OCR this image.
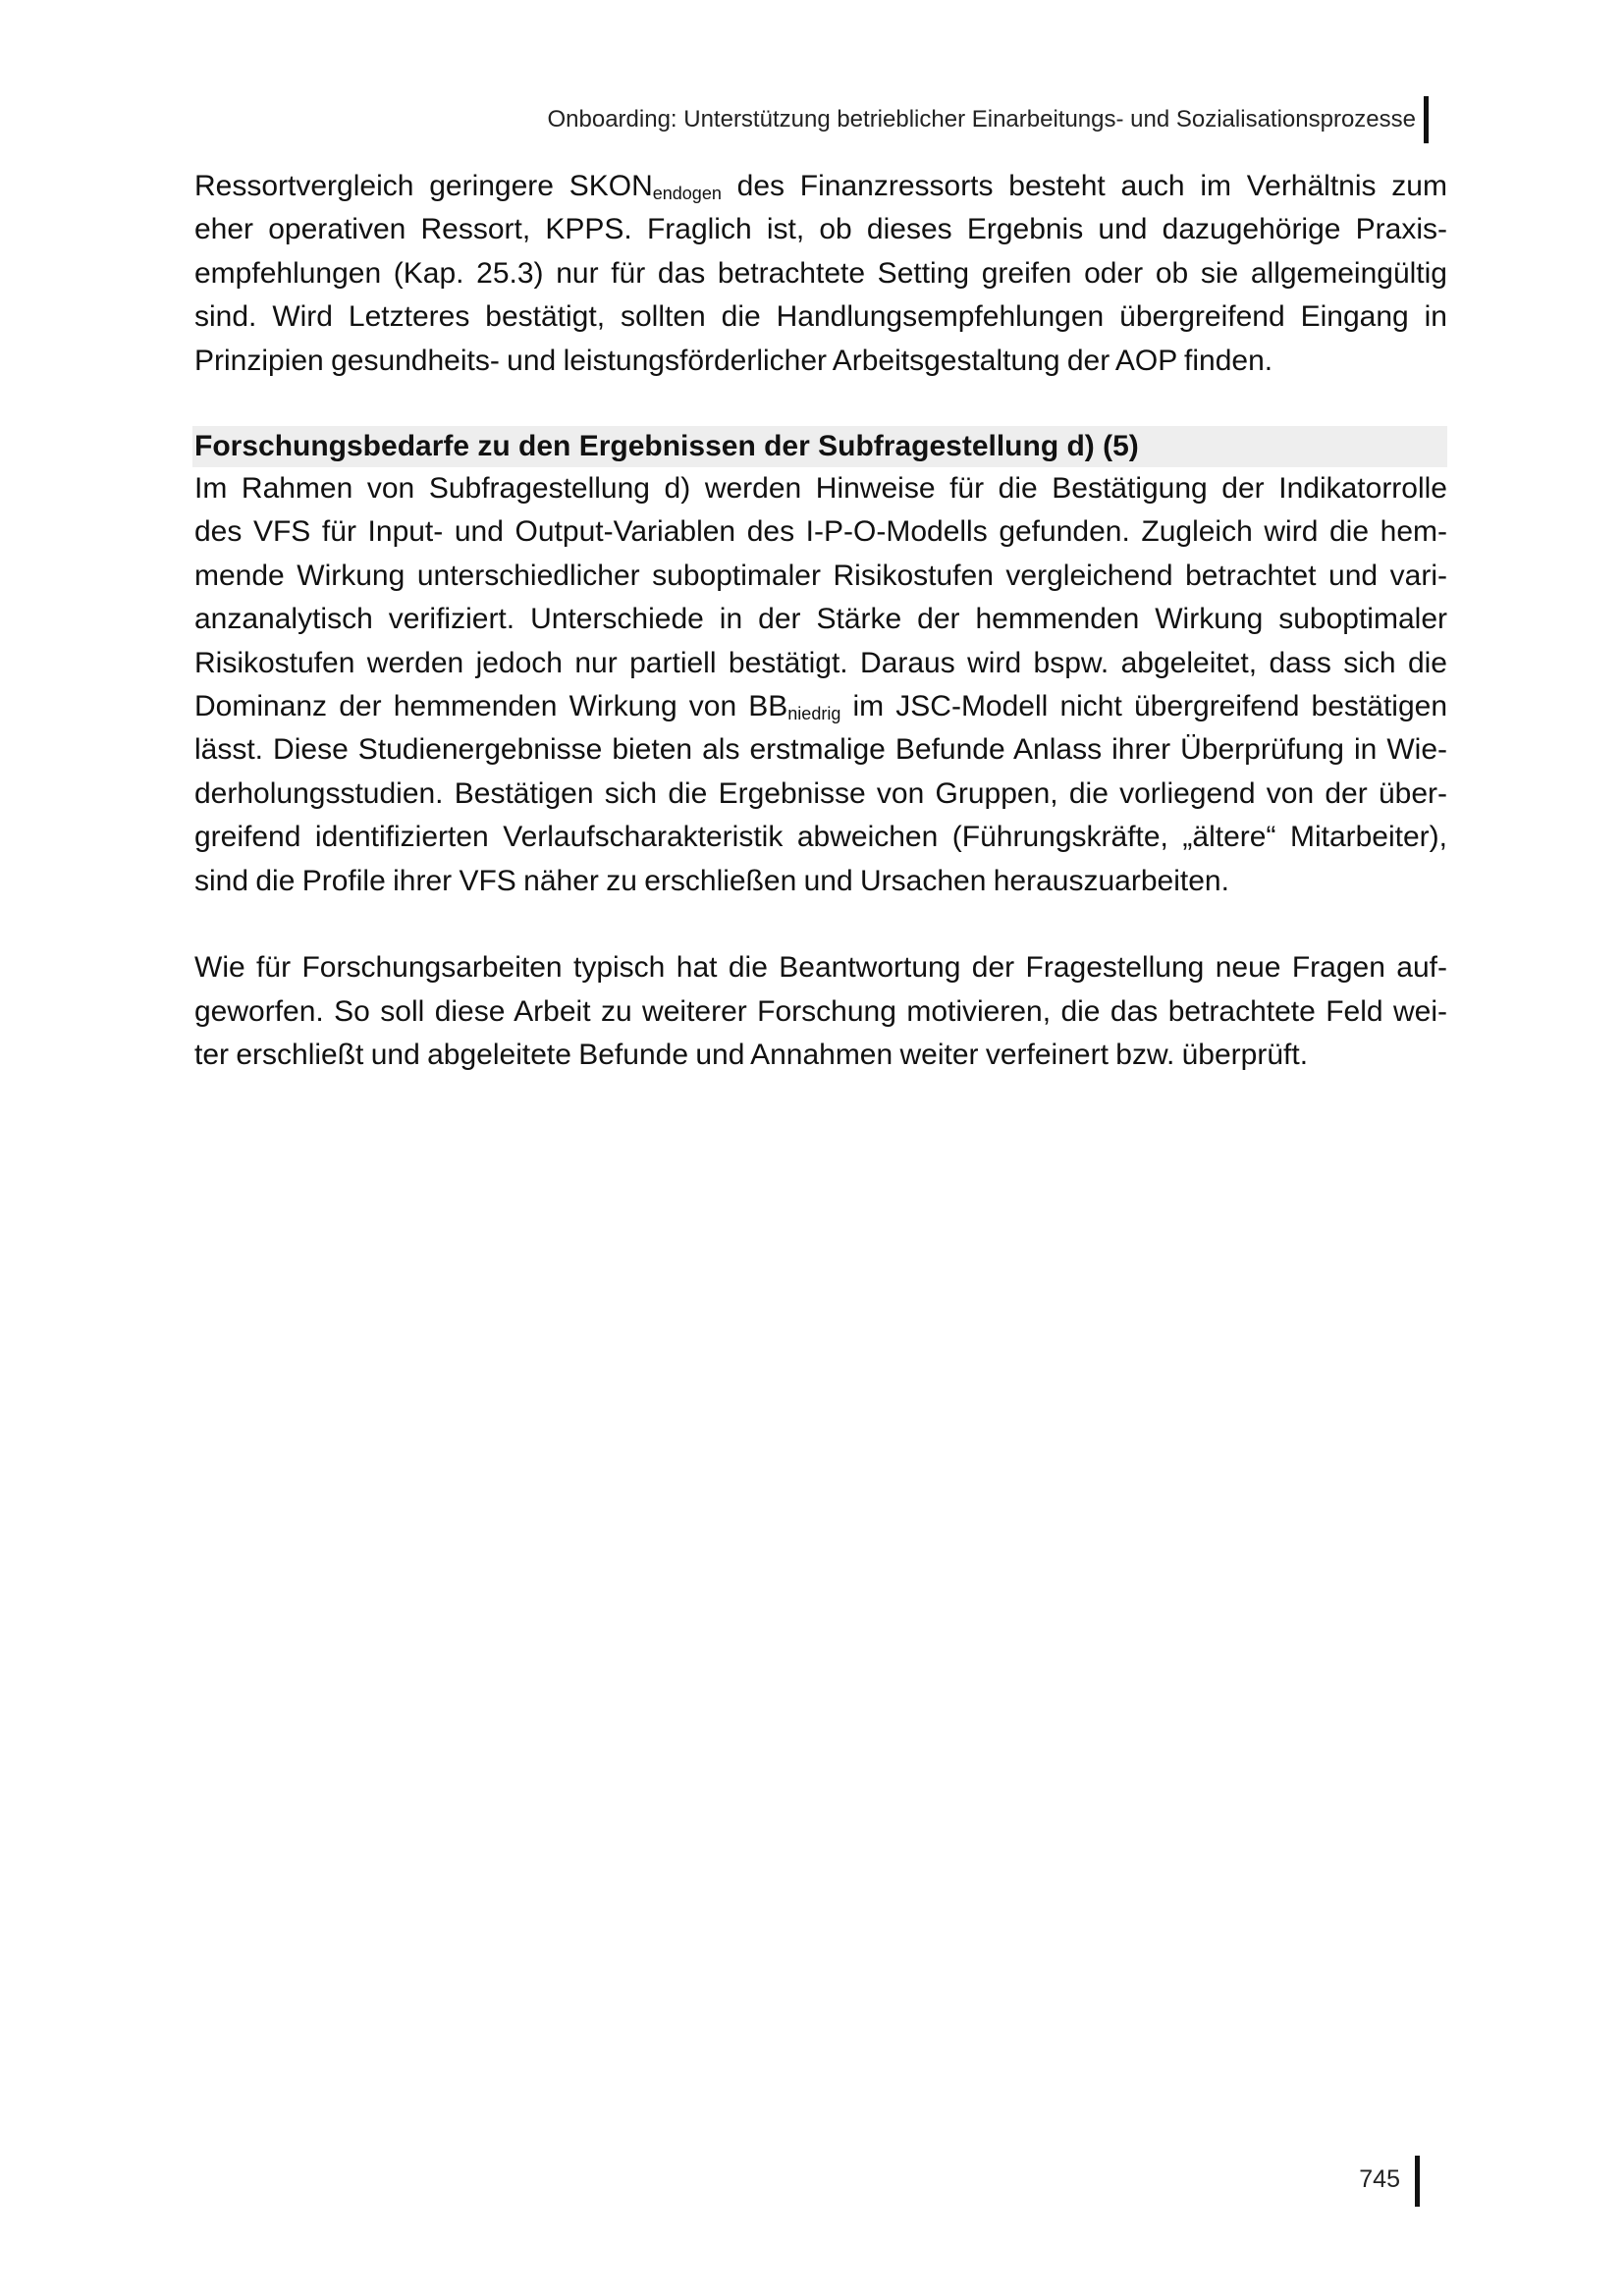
Onboarding: Unterstützung betrieblicher Einarbeitungs- und Sozialisationsprozesse

Ressortvergleich geringere $SKON_{endogen}$ des Finanzressorts besteht auch im Verhältnis zum
eher operativen Ressort, KPPS. Fraglich ist, ob dieses Ergebnis und dazugehörige Praxis-
empfehlungen (Kap. 25.3) nur für das betrachtete Setting greifen oder ob sie allgemeingültig
sind. Wird Letzteres bestätigt, sollten die Handlungsempfehlungen übergreifend Eingang in
Prinzipien gesundheits- und leistungsförderlicher Arbeitsgestaltung der AOP finden.

Forschungsbedarfe zu den Ergebnissen der Subfragestellung d) (5)

Im Rahmen von Subfragestellung d) werden Hinweise für die Bestätigung der Indikatorrolle
des VFS für Input- und Output-Variablen des I-P-O-Modells gefunden. Zugleich wird die hem-
mende Wirkung unterschiedlicher suboptimaler Risikostufen vergleichend betrachtet und vari-
anzanalytisch verifiziert. Unterschiede in der Stärke der hemmenden Wirkung suboptimaler
Risikostufen werden jedoch nur partiell bestätigt. Daraus wird bspw. abgeleitet, dass sich die
Dominanz der hemmenden Wirkung von $BB_{niedrig}$ im JSC-Modell nicht übergreifend bestätigen
lässt. Diese Studienergebnisse bieten als erstmalige Befunde Anlass ihrer Überprüfung in Wie-
derholungsstudien. Bestätigen sich die Ergebnisse von Gruppen, die vorliegend von der über-
greifend identifizierten Verlaufscharakteristik abweichen (Führungskräfte, „ältere“ Mitarbeiter),
sind die Profile ihrer VFS näher zu erschließen und Ursachen herauszuarbeiten.

Wie für Forschungsarbeiten typisch hat die Beantwortung der Fragestellung neue Fragen auf-
geworfen. So soll diese Arbeit zu weiterer Forschung motivieren, die das betrachtete Feld wei-
ter erschließt und abgeleitete Befunde und Annahmen weiter verfeinert bzw. überprüft.

745
